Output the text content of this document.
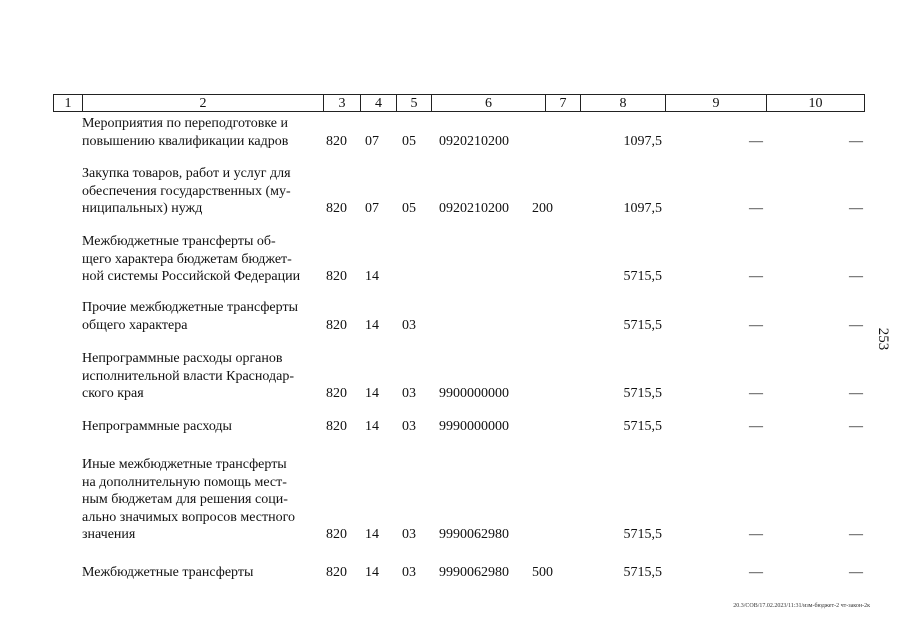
1	2	3	4	5	6	7	8	9	10
Мероприятия по переподготовке и
повышению квалификации кадров	820 07 05 0920210200	1097,5	—	—
Закупка товаров, работ и услуг для
обеспечения государственных (му-
ниципальных) нужд	820 07 05 0920210200 200	1097,5	—	—
Межбюджетные трансферты об-
щего характера бюджетам бюджет-
ной системы Российской Федерации	820 14	5715,5	—	—
Прочие межбюджетные трансферты
общего характера	820 14 03	5715,5	—	—
Непрограммные расходы органов
исполнительной власти Краснодар-
ского края	820 14 03 9900000000	5715,5	—	—
Непрограммные расходы	820 14 03 9990000000	5715,5	—	—
Иные межбюджетные трансферты
на дополнительную помощь мест-
ным бюджетам для решения соци-
ально значимых вопросов местного
значения	820 14 03 9990062980	5715,5	—	—
Межбюджетные трансферты	820 14 03 9990062980 500	5715,5	—	—
253
20.3/СОВ/17.02.2023/11:31/изм-бюджет-2 чт-закон-2к
